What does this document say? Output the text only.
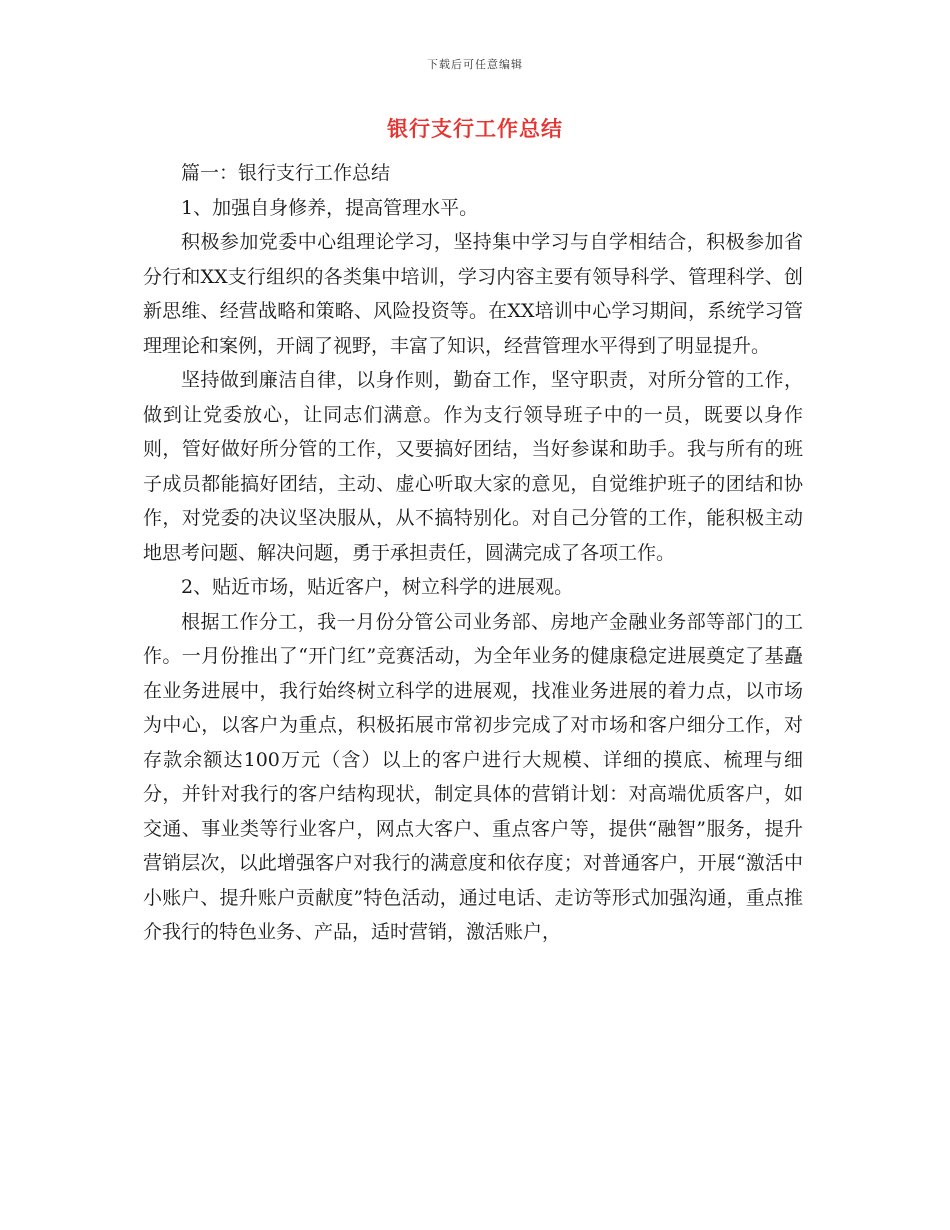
下载后可任意编辑
银行支行工作总结

篇一：银行支行工作总结

1、加强自身修养，提高管理水平。

积极参加党委中心组理论学习，坚持集中学习与自学相结合，积极参加省分行和XX支行组织的各类集中培训，学习内容主要有领导科学、管理科学、创新思维、经营战略和策略、风险投资等。在XX培训中心学习期间，系统学习管理理论和案例，开阔了视野，丰富了知识，经营管理水平得到了明显提升。

坚持做到廉洁自律，以身作则，勤奋工作，坚守职责，对所分管的工作，做到让党委放心，让同志们满意。作为支行领导班子中的一员，既要以身作则，管好做好所分管的工作，又要搞好团结，当好参谋和助手。我与所有的班子成员都能搞好团结，主动、虚心听取大家的意见，自觉维护班子的团结和协作，对党委的决议坚决服从，从不搞特别化。对自己分管的工作，能积极主动地思考问题、解决问题，勇于承担责任，圆满完成了各项工作。

2、贴近市场，贴近客户，树立科学的进展观。

根据工作分工，我一月份分管公司业务部、房地产金融业务部等部门的工作。一月份推出了“开门红”竞赛活动，为全年业务的健康稳定进展奠定了基矗在业务进展中，我行始终树立科学的进展观，找准业务进展的着力点，以市场为中心，以客户为重点，积极拓展市常初步完成了对市场和客户细分工作，对存款余额达100万元（含）以上的客户进行大规模、详细的摸底、梳理与细分，并针对我行的客户结构现状，制定具体的营销计划：对高端优质客户，如交通、事业类等行业客户，网点大客户、重点客户等，提供“融智”服务，提升营销层次，以此增强客户对我行的满意度和依存度；对普通客户，开展“激活中小账户、提升账户贡献度”特色活动，通过电话、走访等形式加强沟通，重点推介我行的特色业务、产品，适时营销，激活账户，
